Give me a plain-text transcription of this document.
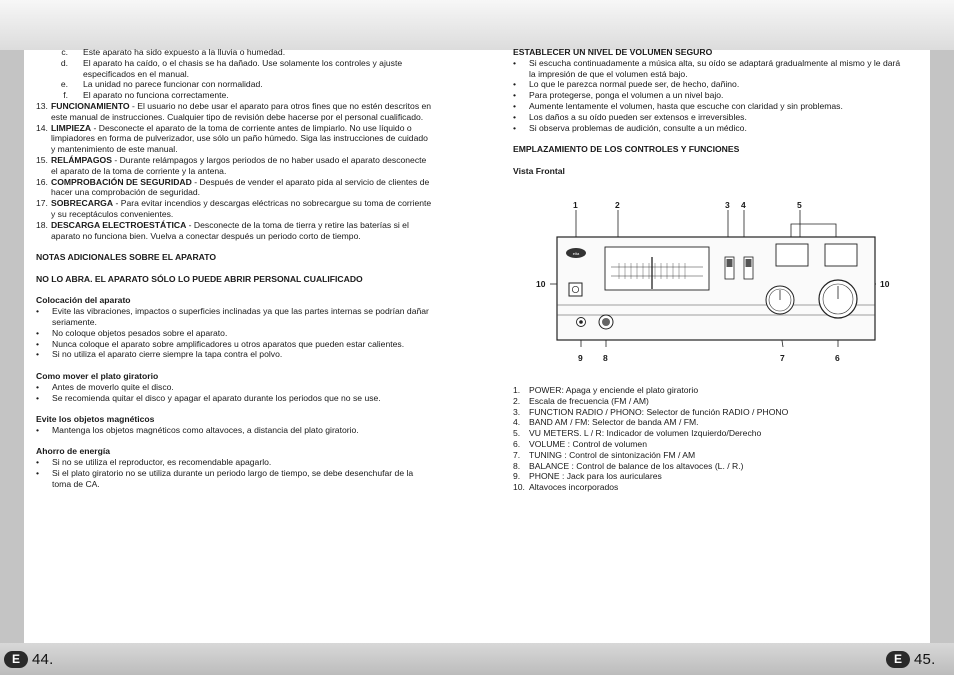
E 44.	E 45.
c. Este aparato ha sido expuesto a la lluvia o humedad.
d. El aparato ha caído, o el chasis se ha dañado. Use solamente los controles y ajuste especificados en el manual.
e. La unidad no parece funcionar con normalidad.
f. El aparato no funciona correctamente.
13. FUNCIONAMIENTO - El usuario no debe usar el aparato para otros fines que no estén descritos en este manual de instrucciones. Cualquier tipo de revisión debe hacerse por el personal cualificado.
14. LIMPIEZA - Desconecte el aparato de la toma de corriente antes de limpiarlo. No use líquido o limpiadores en forma de pulverizador, use sólo un paño húmedo. Siga las instrucciones de cuidado y mantenimiento de este manual.
15. RELÁMPAGOS - Durante relámpagos y largos periodos de no haber usado el aparato desconecte el aparato de la toma de corriente y la antena.
16. COMPROBACIÓN DE SEGURIDAD - Después de vender el aparato pida al servicio de clientes de hacer una comprobación de seguridad.
17. SOBRECARGA - Para evitar incendios y descargas eléctricas no sobrecargue su toma de corriente y su receptáculos convenientes.
18. DESCARGA ELECTROESTÁTICA - Desconecte de la toma de tierra y retire las baterías si el aparato no funciona bien. Vuelva a conectar después un periodo corto de tiempo.
NOTAS ADICIONALES SOBRE EL APARATO
NO LO ABRA. EL APARATO SÓLO LO PUEDE ABRIR PERSONAL CUALIFICADO
Colocación del aparato
•	Evite las vibraciones, impactos o superficies inclinadas ya que las partes internas se podrían dañar seriamente.
•	No coloque objetos pesados sobre el aparato.
•	Nunca coloque el aparato sobre amplificadores u otros aparatos que pueden estar calientes.
•	Si no utiliza el aparato cierre siempre la tapa contra el polvo.
Como mover el plato giratorio
•	Antes de moverlo quite el disco.
•	Se recomienda quitar el disco y apagar el aparato durante los periodos que no se use.
Evite los objetos magnéticos
•	Mantenga los objetos magnéticos como altavoces, a distancia del plato giratorio.
Ahorro de energía
•	Si no se utiliza el reproductor, es recomendable apagarlo.
•	Si el plato giratorio no se utiliza durante un periodo largo de tiempo, se debe desenchufar de la toma de CA.
ESTABLECER UN NIVEL DE VOLUMEN SEGURO
•	Si escucha continuadamente a música alta, su oído se adaptará gradualmente al mismo y le dará la impresión de que el volumen está bajo.
•	Lo que le parezca normal puede ser, de hecho, dañino.
•	Para protegerse, ponga el volumen a un nivel bajo.
•	Aumente lentamente el volumen, hasta que escuche con claridad y sin problemas.
•	Los daños a su oído pueden ser extensos e irreversibles.
•	Si observa problemas de audición, consulte a un médico.
EMPLAZAMIENTO DE LOS CONTROLES Y FUNCIONES
Vista Frontal
elta
1	2	3 4	5
10	10
9 8	7	6
1.	POWER: Apaga y enciende el plato giratorio
2.	Escala de frecuencia (FM / AM)
3.	FUNCTION RADIO / PHONO: Selector de función RADIO / PHONO
4.	BAND AM / FM: Selector de banda AM / FM.
5.	VU METERS. L / R: Indicador de volumen Izquierdo/Derecho
6.	VOLUME : Control de volumen
7.	TUNING : Control de sintonización FM / AM
8.	BALANCE : Control de balance de los altavoces (L. / R.)
9.	PHONE : Jack para los auriculares
10. Altavoces incorporados
